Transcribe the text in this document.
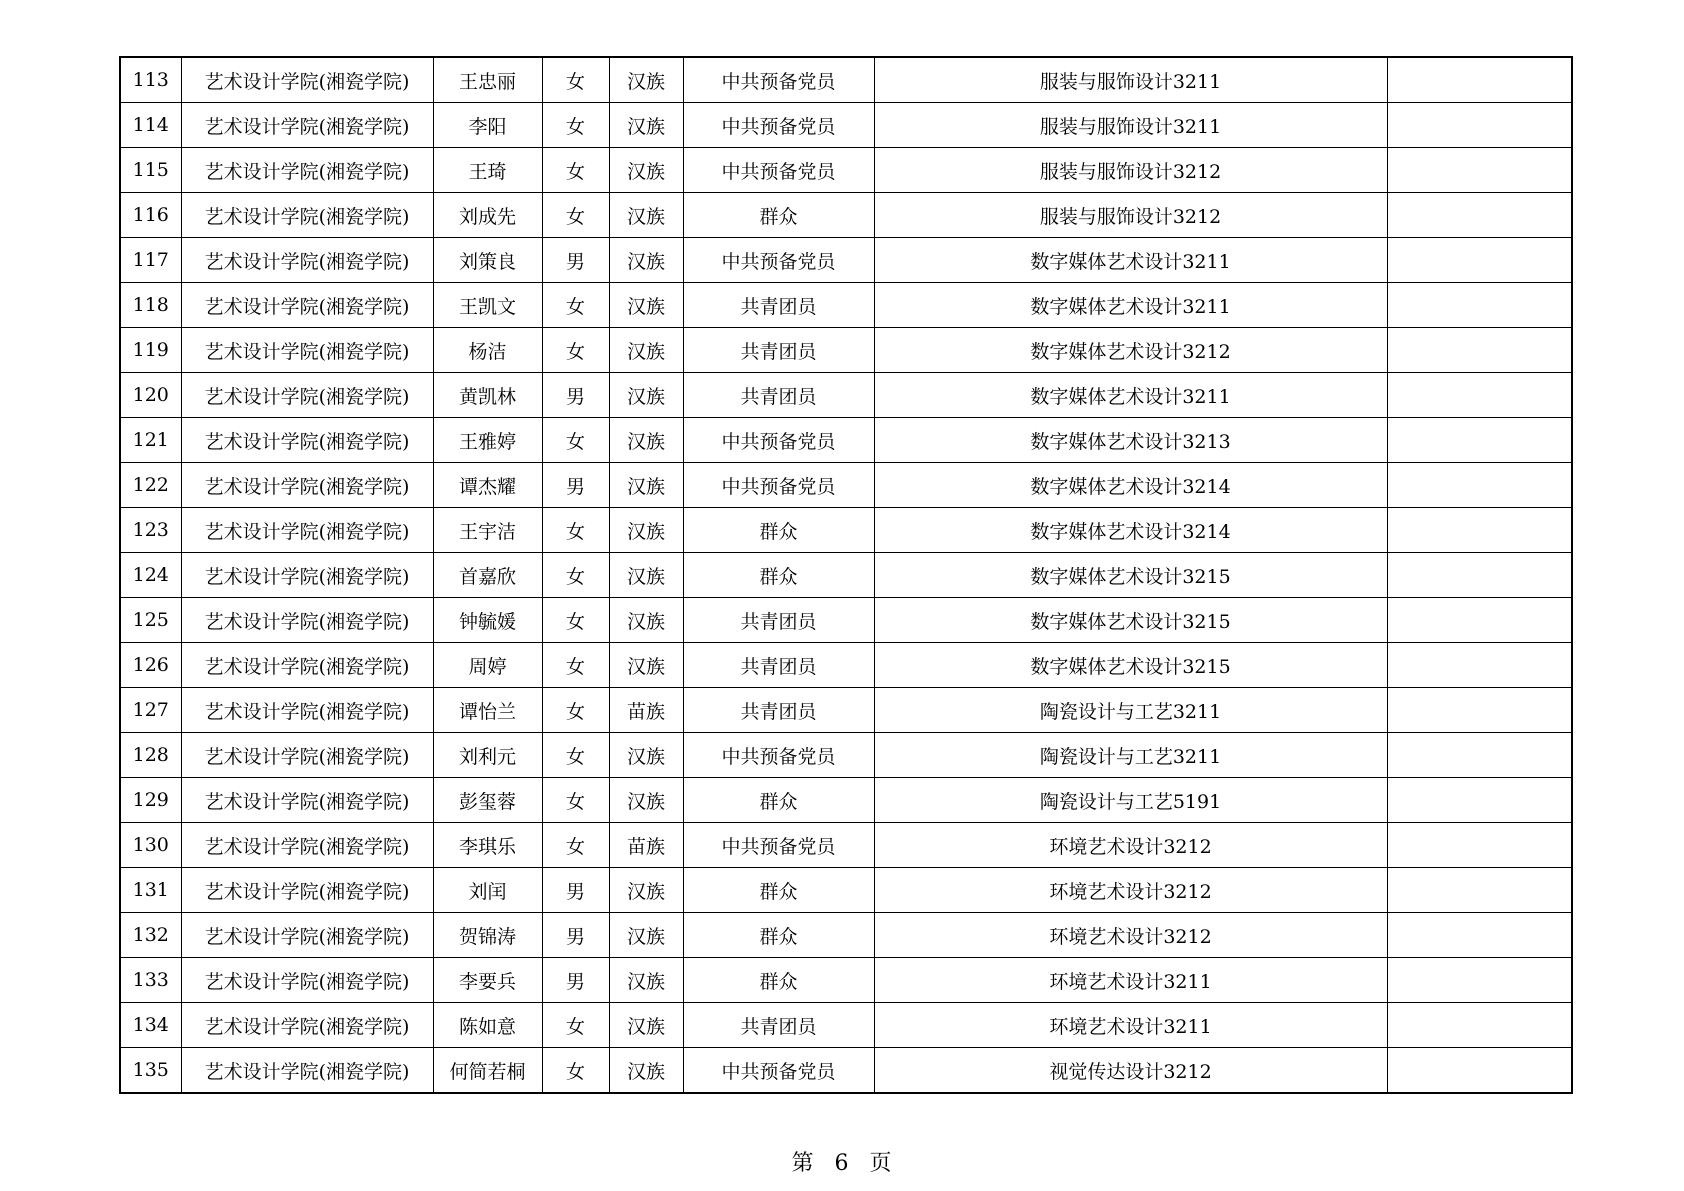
113	艺术设计学院(湘瓷学院)	王忠丽	女	汉族	中共预备党员	服装与服饰设计3211	
114	艺术设计学院(湘瓷学院)	李阳	女	汉族	中共预备党员	服装与服饰设计3211	
115	艺术设计学院(湘瓷学院)	王琦	女	汉族	中共预备党员	服装与服饰设计3212	
116	艺术设计学院(湘瓷学院)	刘成先	女	汉族	群众	服装与服饰设计3212	
117	艺术设计学院(湘瓷学院)	刘策良	男	汉族	中共预备党员	数字媒体艺术设计3211	
118	艺术设计学院(湘瓷学院)	王凯文	女	汉族	共青团员	数字媒体艺术设计3211	
119	艺术设计学院(湘瓷学院)	杨洁	女	汉族	共青团员	数字媒体艺术设计3212	
120	艺术设计学院(湘瓷学院)	黄凯林	男	汉族	共青团员	数字媒体艺术设计3211	
121	艺术设计学院(湘瓷学院)	王雅婷	女	汉族	中共预备党员	数字媒体艺术设计3213	
122	艺术设计学院(湘瓷学院)	谭杰耀	男	汉族	中共预备党员	数字媒体艺术设计3214	
123	艺术设计学院(湘瓷学院)	王宇洁	女	汉族	群众	数字媒体艺术设计3214	
124	艺术设计学院(湘瓷学院)	首嘉欣	女	汉族	群众	数字媒体艺术设计3215	
125	艺术设计学院(湘瓷学院)	钟毓媛	女	汉族	共青团员	数字媒体艺术设计3215	
126	艺术设计学院(湘瓷学院)	周婷	女	汉族	共青团员	数字媒体艺术设计3215	
127	艺术设计学院(湘瓷学院)	谭怡兰	女	苗族	共青团员	陶瓷设计与工艺3211	
128	艺术设计学院(湘瓷学院)	刘利元	女	汉族	中共预备党员	陶瓷设计与工艺3211	
129	艺术设计学院(湘瓷学院)	彭玺蓉	女	汉族	群众	陶瓷设计与工艺5191	
130	艺术设计学院(湘瓷学院)	李琪乐	女	苗族	中共预备党员	环境艺术设计3212	
131	艺术设计学院(湘瓷学院)	刘闰	男	汉族	群众	环境艺术设计3212	
132	艺术设计学院(湘瓷学院)	贺锦涛	男	汉族	群众	环境艺术设计3212	
133	艺术设计学院(湘瓷学院)	李要兵	男	汉族	群众	环境艺术设计3211	
134	艺术设计学院(湘瓷学院)	陈如意	女	汉族	共青团员	环境艺术设计3211	
135	艺术设计学院(湘瓷学院)	何简若桐	女	汉族	中共预备党员	视觉传达设计3212	
第 6 页
